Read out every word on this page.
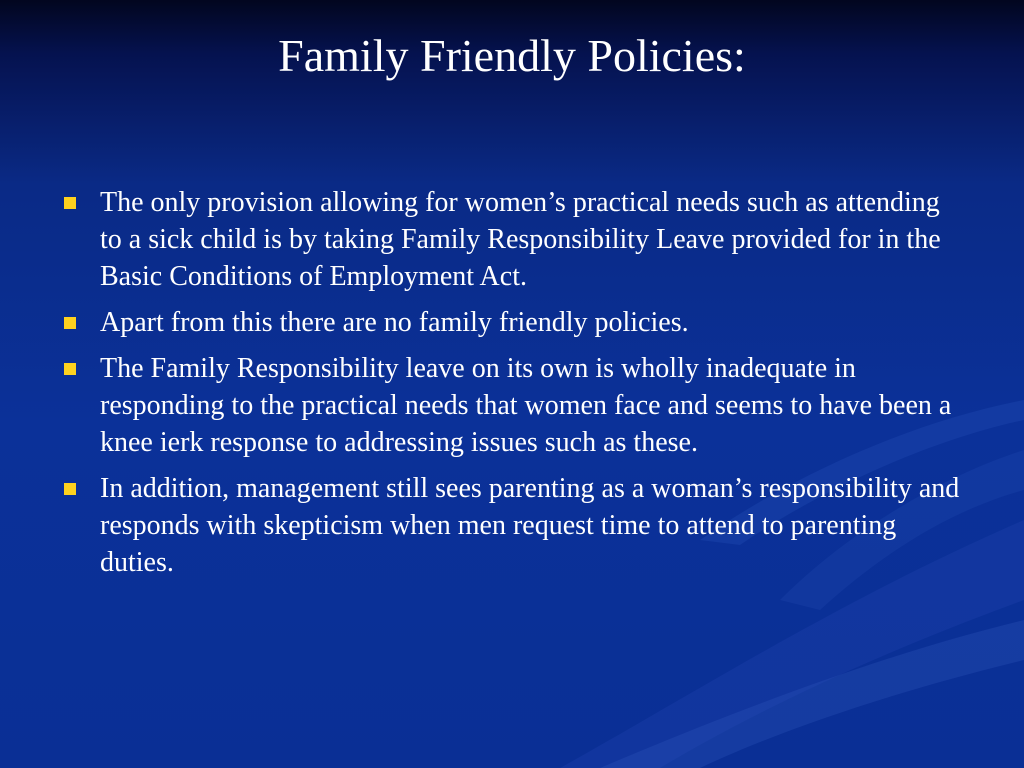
Family Friendly Policies:
The only provision allowing for women’s practical needs such as attending to a sick child is by taking Family Responsibility Leave provided for in the Basic Conditions of Employment Act.
Apart from this there are no family friendly policies.
The Family Responsibility leave on its own is wholly inadequate in responding to the practical needs that women face and seems to have been a knee ierk response to addressing issues such as these.
In addition, management still sees parenting as a woman’s responsibility and responds with skepticism when men request time to attend to parenting duties.
